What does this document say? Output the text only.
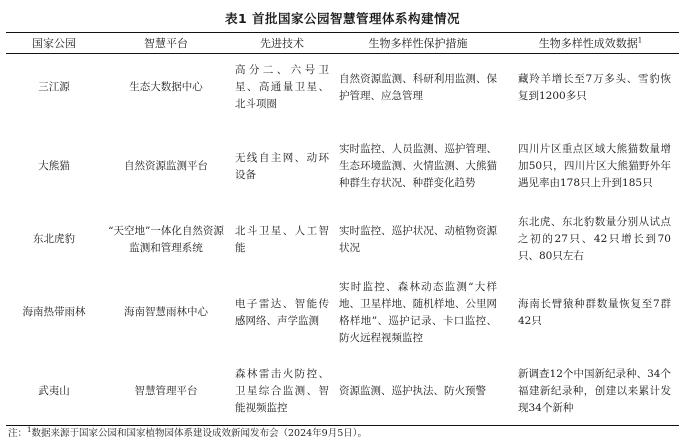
表1 首批国家公园智慧管理体系构建情况
国家公园	智慧平台	先进技术	生物多样性保护措施	生物多样性成效数据$^1$
三江源	生态大数据中心	高分二、六号卫星、高通量卫星、北斗项圈	自然资源监测、科研利用监测、保护管理、应急管理	藏羚羊增长至7万多头、雪豹恢复到1200多只
大熊猫	自然资源监测平台	无线自主网、动环设备	实时监控、人员监测、巡护管理、生态环境监测、火情监测、大熊猫种群生存状况、种群变化趋势	四川片区重点区域大熊猫数量增加50只，四川片区大熊猫野外年遇见率由178只上升到185只
东北虎豹	“天空地”一体化自然资源监测和管理系统	北斗卫星、人工智能	实时监控、巡护状况、动植物资源状况	东北虎、东北豹数量分别从试点之初的27只、42只增长到70只、80只左右
海南热带雨林	海南智慧雨林中心	电子雷达、智能传感网络、声学监测	实时监控、森林动态监测“大样地、卫星样地、随机样地、公里网格样地”、巡护记录、卡口监控、防火远程视频监控	海南长臂猿种群数量恢复至7群42只
武夷山	智慧管理平台	森林雷击火防控、卫星综合监测、智能视频监控	资源监测、巡护执法、防火预警	新调查12个中国新纪录种、34个福建新纪录种，创建以来累计发现34个新种
注：$^1$数据来源于国家公园和国家植物园体系建设成效新闻发布会（2024年9月5日）。
